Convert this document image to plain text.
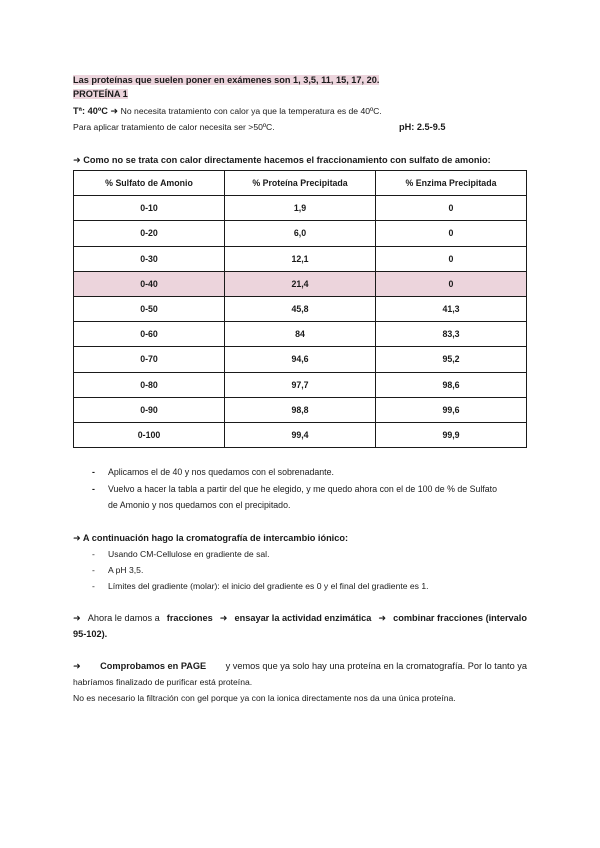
Las proteínas que suelen poner en exámenes son 1, 3,5, 11, 15, 17, 20.
PROTEÍNA 1
Tª: 40ºC ➜ No necesita tratamiento con calor ya que la temperatura es de 40ºC.
Para aplicar tratamiento de calor necesita ser >50ºC.	pH: 2.5-9.5
➜ Como no se trata con calor directamente hacemos el fraccionamiento con sulfato de amonio:
% Sulfato de Amonio	% Proteína Precipitada	% Enzima Precipitada
0-10	1,9	0
0-20	6,0	0
0-30	12,1	0
0-40	21,4	0
0-50	45,8	41,3
0-60	84	83,3
0-70	94,6	95,2
0-80	97,7	98,6
0-90	98,8	99,6
0-100	99,4	99,9
- Aplicamos el de 40 y nos quedamos con el sobrenadante.
- Vuelvo a hacer la tabla a partir del que he elegido, y me quedo ahora con el de 100 de % de Sulfato
de Amonio y nos quedamos con el precipitado.
➜ A continuación hago la cromatografía de intercambio iónico:
- Usando CM-Cellulose en gradiente de sal.
- A pH 3,5.
- Límites del gradiente (molar): el inicio del gradiente es 0 y el final del gradiente es 1.
➜ Ahora le damos a fracciones ➜ ensayar la actividad enzimática ➜ combinar fracciones (intervalo
95-102).
➜ Comprobamos en PAGE y vemos que ya solo hay una proteína en la cromatografía. Por lo tanto ya
habríamos finalizado de purificar está proteína.
No es necesario la filtración con gel porque ya con la ionica directamente nos da una única proteína.
